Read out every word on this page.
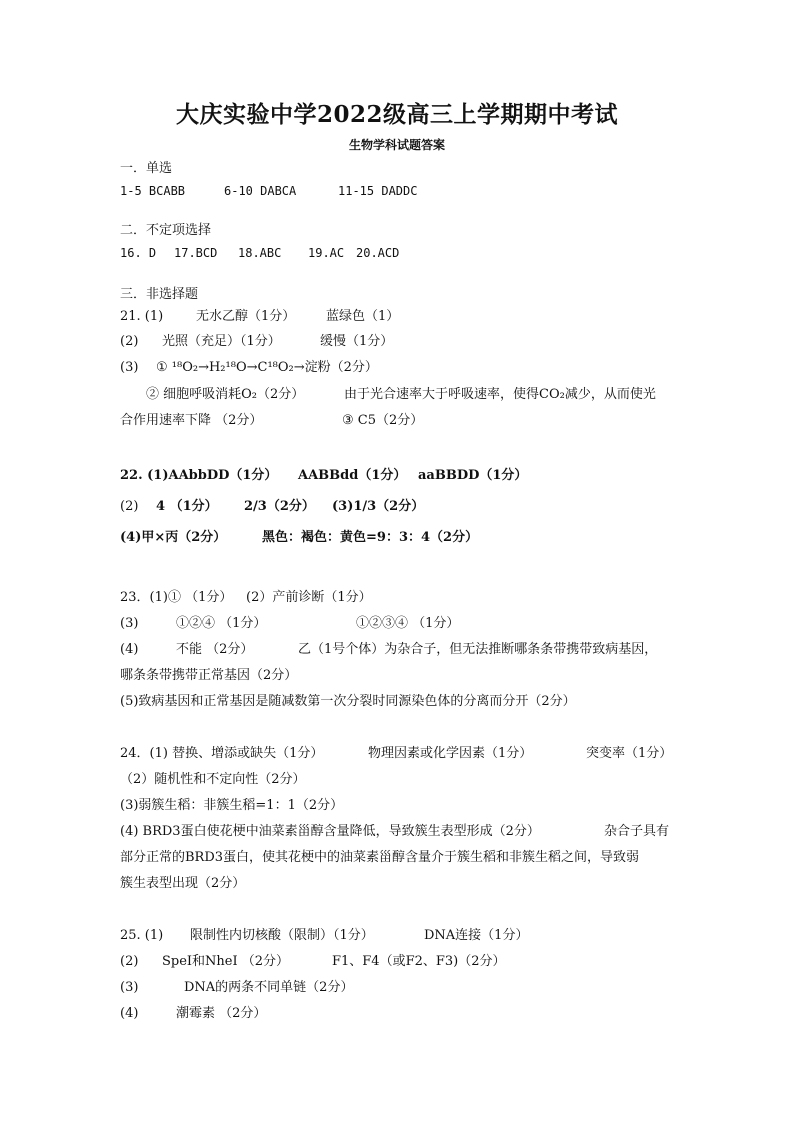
大庆实验中学2022级高三上学期期中考试
生物学科试题答案
一．单选
1-5 BCABB	6-10 DABCA	11-15 DADDC
二．不定项选择
16. D 17.BCD 18.ABC 19.AC 20.ACD
三．非选择题
21. (1)	无水乙醇（1分） 蓝绿色（1）
(2) 光照（充足）（1分）	缓慢（1分）
(3) ① ¹⁸O₂→H₂¹⁸O→C¹⁸O₂→淀粉（2分）
② 细胞呼吸消耗O₂（2分）	由于光合速率大于呼吸速率，使得CO₂减少，从而使光
合作用速率下降 （2分）	③ C5（2分）
22. (1)AAbbDD（1分） AABBdd（1分） aaBBDD（1分）
(2) 4 （1分） 2/3（2分） (3)1/3（2分）
(4)甲×丙（2分）	黑色：褐色：黄色=9：3：4（2分）
23．(1)① （1分） (2）产前诊断（1分）
(3)	①②④ （1分）	①②③④ （1分）
(4)	不能 （2分）	乙（1号个体）为杂合子，但无法推断哪条条带携带致病基因，
哪条条带携带正常基因（2分）
(5)致病基因和正常基因是随减数第一次分裂时同源染色体的分离而分开（2分）
24．(1) 替换、增添或缺失（1分）	物理因素或化学因素（1分）	突变率（1分）
（2）随机性和不定向性（2分）
(3)弱簇生稻：非簇生稻=1：1（2分）
(4) BRD3蛋白使花梗中油菜素甾醇含量降低，导致簇生表型形成（2分）	杂合子具有
部分正常的BRD3蛋白，使其花梗中的油菜素甾醇含量介于簇生稻和非簇生稻之间，导致弱
簇生表型出现（2分）
25. (1) 限制性内切核酸（限制）（1分）	DNA连接（1分）
(2) SpeI和NheI （2分）	F1、F4（或F2、F3)（2分）
(3)	DNA的两条不同单链（2分）
(4)	潮霉素 （2分）
